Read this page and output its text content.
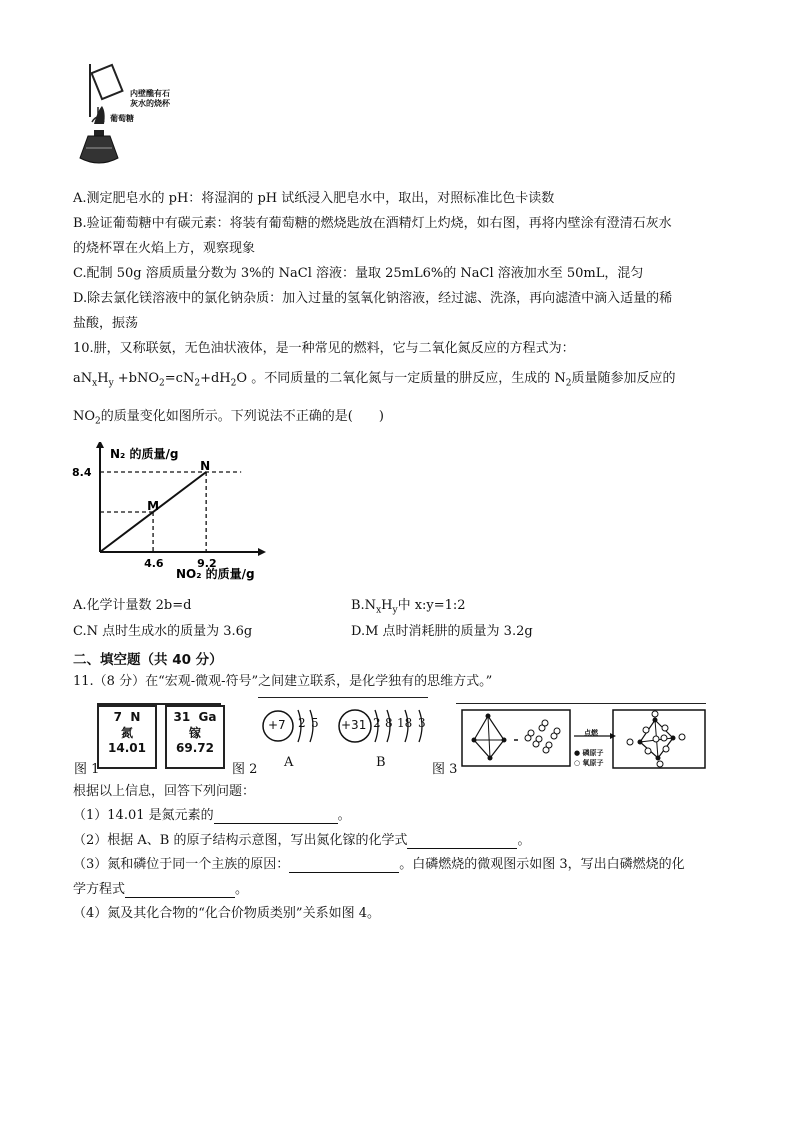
内壁醮有石
灰水的烧杯
葡萄糖
A.测定肥皂水的 pH：将湿润的 pH 试纸浸入肥皂水中，取出，对照标准比色卡读数
B.验证葡萄糖中有碳元素：将装有葡萄糖的燃烧匙放在酒精灯上灼烧，如右图，再将内壁涂有澄清石灰水
的烧杯罩在火焰上方，观察现象
C.配制 50g 溶质质量分数为 3%的 NaCl 溶液：量取 25mL6%的 NaCl 溶液加水至 50mL，混匀
D.除去氯化镁溶液中的氯化钠杂质：加入过量的氢氧化钠溶液，经过滤、洗涤，再向滤渣中滴入适量的稀
盐酸，振荡
10.肼，又称联氨，无色油状液体，是一种常见的燃料，它与二氧化氮反应的方程式为：
$aN_xH_y +bNO_2=cN_2+dH_2O$ 。不同质量的二氧化氮与一定质量的肼反应，生成的 $N_2$质量随参加反应的
$NO_2$的质量变化如图所示。下列说法不正确的是(　　)
M
N
4.6	9.2
8.4
N₂ 的质量/g
NO₂ 的质量/g
A.化学计量数 2b=d	$B.N_xH_y$中 x:y=1:2
C.N 点时生成水的质量为 3.6g	D.M 点时消耗肼的质量为 3.2g
二、填空题（共 40 分）
11.（8 分）在“宏观-微观-符号”之间建立联系，是化学独有的思维方式。”
7 N
氮
14.01
31 Ga
镓
69.72
图 1
+7 2 5
A
+31 2 8 18 3
B
图 2
点燃
● 磷原子
○ 氧原子
图 3
根据以上信息，回答下列问题：
（1）14.01 是氮元素的	。
（2）根据 A、B 的原子结构示意图，写出氮化镓的化学式	。
（3）氮和磷位于同一个主族的原因：	。白磷燃烧的微观图示如图 3，写出白磷燃烧的化
学方程式	。
（4）氮及其化合物的“化合价物质类别”关系如图 4。
